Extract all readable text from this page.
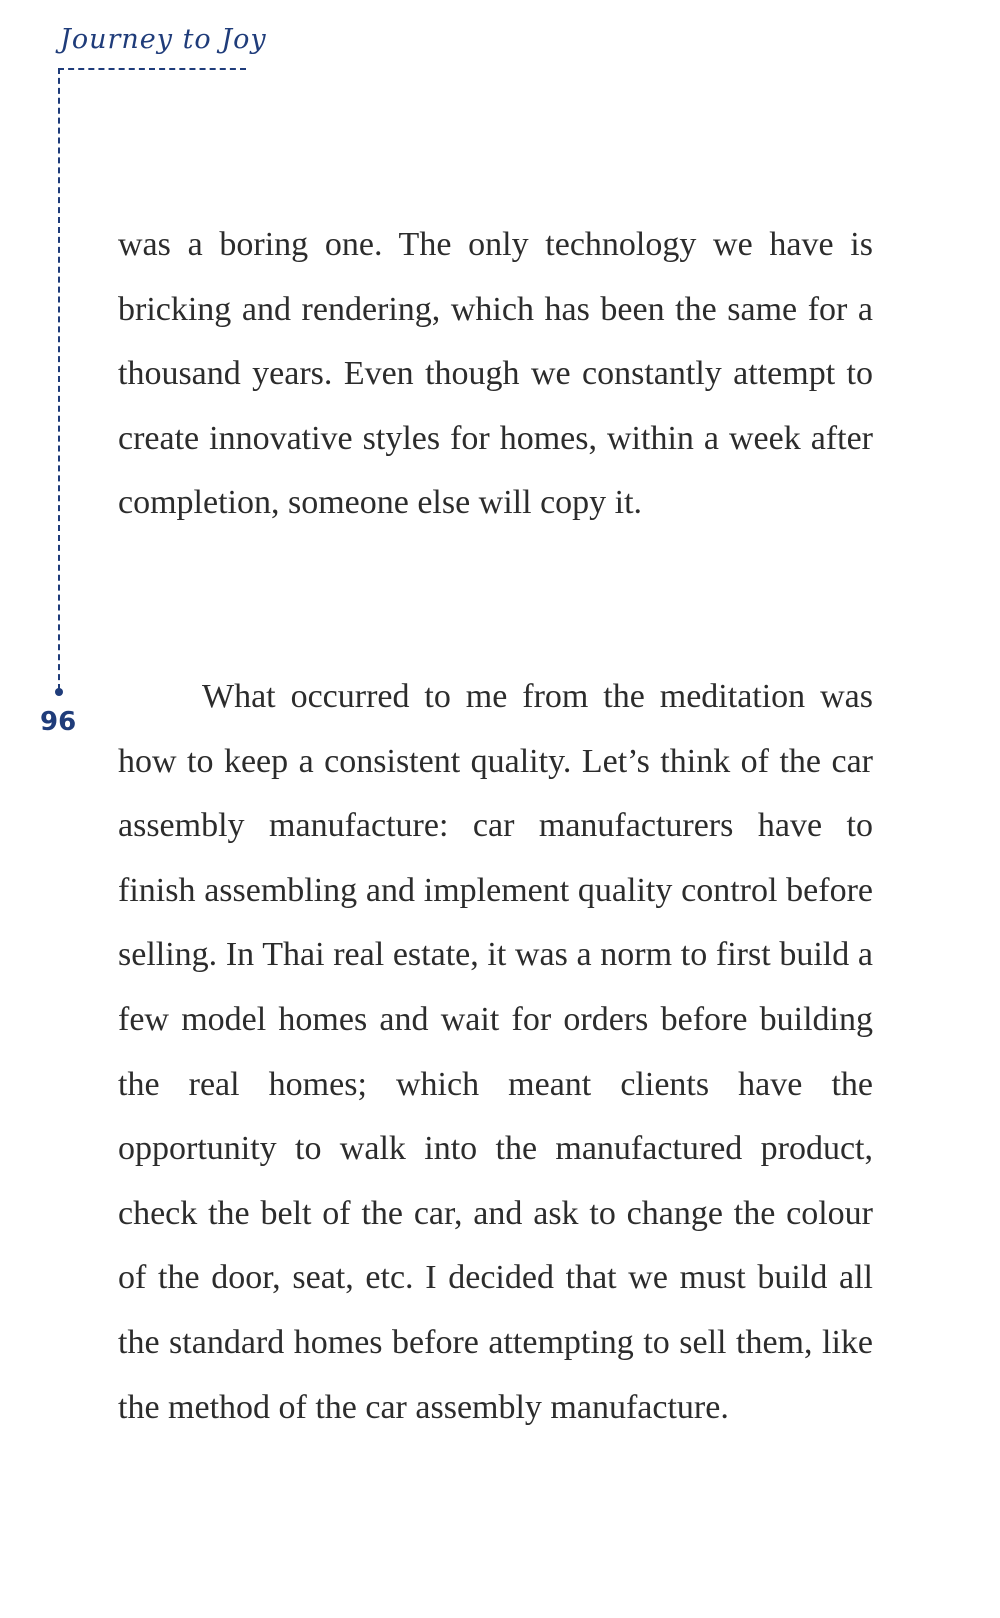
Journey to Joy
96

was a boring one. The only technology we have is bricking and rendering, which has been the same for a thousand years. Even though we constantly attempt to create innovative styles for homes, within a week after completion, someone else will copy it.

What occurred to me from the meditation was how to keep a consistent quality. Let’s think of the car assembly manufacture: car manufacturers have to finish assembling and implement quality control before selling. In Thai real estate, it was a norm to first build a few model homes and wait for orders before building the real homes; which meant clients have the opportunity to walk into the manufactured product, check the belt of the car, and ask to change the colour of the door, seat, etc. I decided that we must build all the standard homes before attempting to sell them, like the method of the car assembly manufacture.
